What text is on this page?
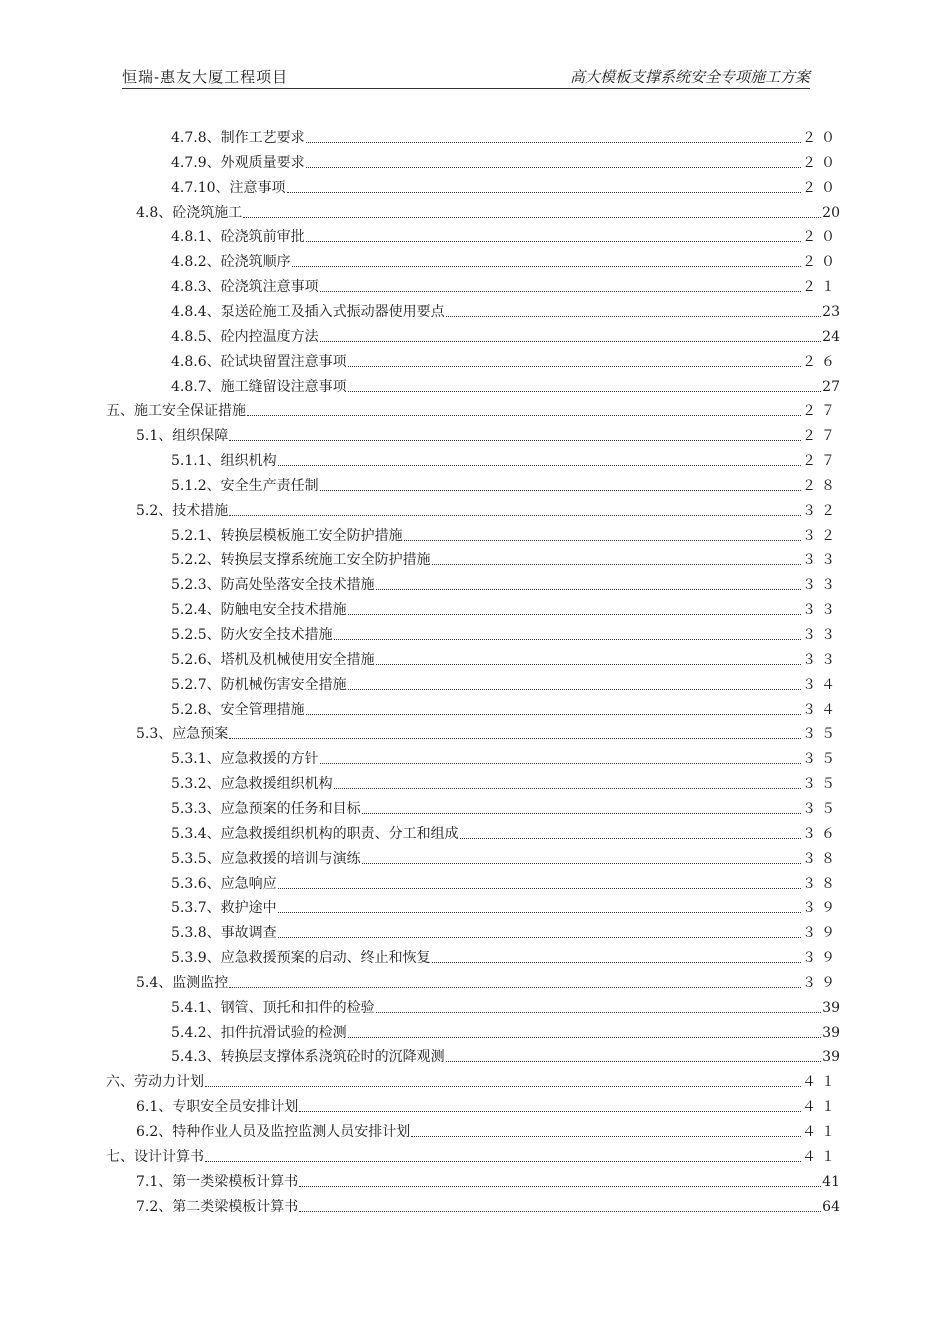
恒瑞-惠友大厦工程项目	高大模板支撑系统安全专项施工方案
4.7.8、制作工艺要求	２０
4.7.9、外观质量要求	２０
4.7.10、注意事项	２０
4.8、砼浇筑施工	20
4.8.1、砼浇筑前审批	２０
4.8.2、砼浇筑顺序	２０
4.8.3、砼浇筑注意事项	２１
4.8.4、泵送砼施工及插入式振动器使用要点	23
4.8.5、砼内控温度方法	24
4.8.6、砼试块留置注意事项	２６
4.8.7、施工缝留设注意事项	27
五、施工安全保证措施	２７
5.1、组织保障	２７
5.1.1、组织机构	２７
5.1.2、安全生产责任制	２８
5.2、技术措施	３２
5.2.1、转换层模板施工安全防护措施	３２
5.2.2、转换层支撑系统施工安全防护措施	３３
5.2.3、防高处坠落安全技术措施	３３
5.2.4、防触电安全技术措施	３３
5.2.5、防火安全技术措施	３３
5.2.6、塔机及机械使用安全措施	３３
5.2.7、防机械伤害安全措施	３４
5.2.8、安全管理措施	３４
5.3、应急预案	３５
5.3.1、应急救援的方针	３５
5.3.2、应急救援组织机构	３５
5.3.3、应急预案的任务和目标	３５
5.3.4、应急救援组织机构的职责、分工和组成	３６
5.3.5、应急救援的培训与演练	３８
5.3.6、应急响应	３８
5.3.7、救护途中	３９
5.3.8、事故调查	３９
5.3.9、应急救援预案的启动、终止和恢复	３９
5.4、监测监控	３９
5.4.1、钢管、顶托和扣件的检验	39
5.4.2、扣件抗滑试验的检测	39
5.4.3、转换层支撑体系浇筑砼时的沉降观测	39
六、劳动力计划	４１
6.1、专职安全员安排计划	４１
6.2、特种作业人员及监控监测人员安排计划	４１
七、设计计算书	４１
7.1、第一类梁模板计算书	41
7.2、第二类梁模板计算书	64
